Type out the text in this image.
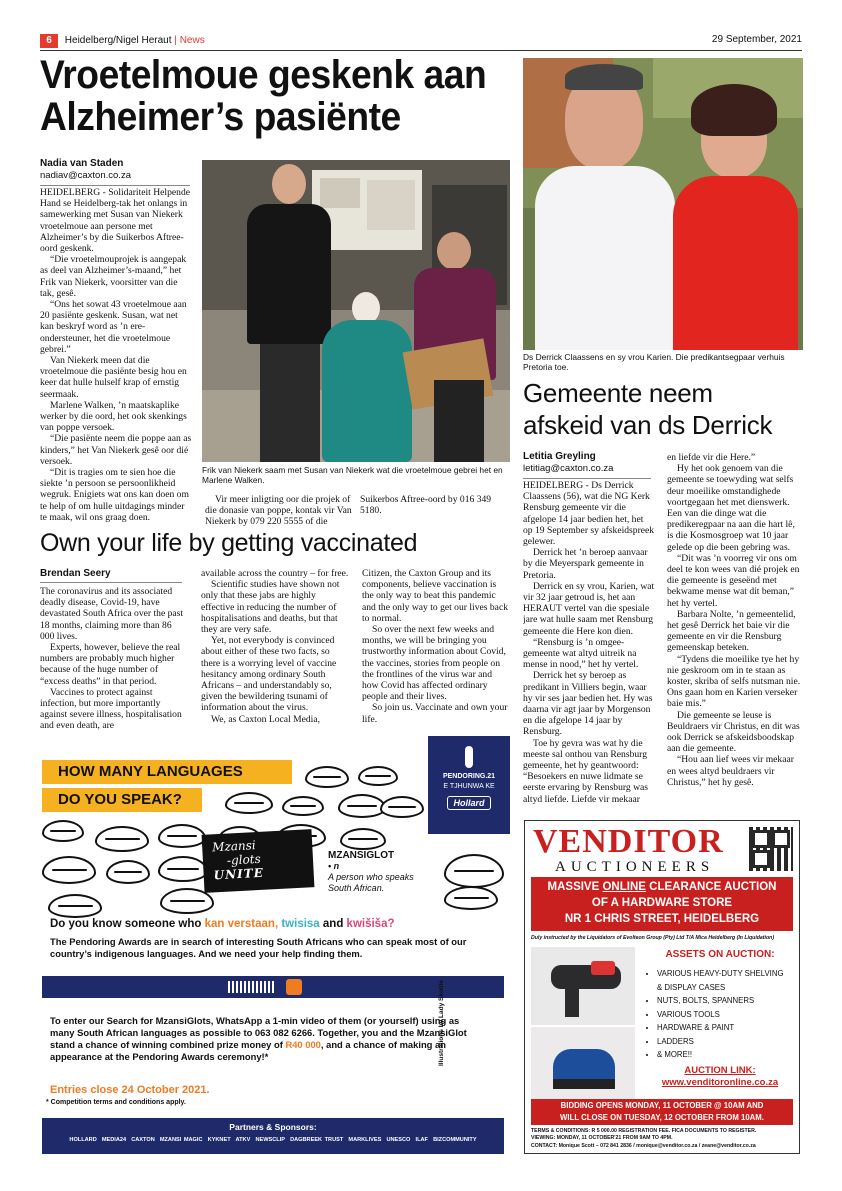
6 Heidelberg/Nigel Heraut | News	29 September, 2021
Vroetelmoue geskenk aan
Alzheimer’s pasiënte
Nadia van Staden
nadiav@caxton.co.za

HEIDELBERG - Solidariteit Helpende Hand se Heidelberg-tak het onlangs in samewerking met Susan van Niekerk vroetelmoue aan persone met Alzheimer’s by die Suikerbos Aftree-oord geskenk.

“Die vroetelmouprojek is aangepak as deel van Alzheimer’s-maand,” het Frik van Niekerk, voorsitter van die tak, gesê.

“Ons het sowat 43 vroetelmoue aan 20 pasiënte geskenk. Susan, wat net kan beskryf word as ’n ere-ondersteuner, het die vroetelmoue gebrei.”

Van Niekerk meen dat die vroetelmoue die pasiënte besig hou en keer dat hulle hulself krap of ernstig seermaak.

Marlene Walken, ’n maatskaplike werker by die oord, het ook skenkings van poppe versoek.

“Die pasiënte neem die poppe aan as kinders,” het Van Niekerk gesê oor dié versoek.

“Dit is tragies om te sien hoe die siekte ’n persoon se persoonlikheid wegruk. Enigiets wat ons kan doen om te help of om hulle uitdagings minder te maak, wil ons graag doen.

Frik van Niekerk saam met Susan van Niekerk wat die vroetelmoue gebrei het en Marlene Walken.

Vir meer inligting oor die projek of die donasie van poppe, kontak vir Van Niekerk by 079 220 5555 of die

Suikerbos Aftree-oord by 016 349 5180.

Own your life by getting vaccinated
Brendan Seery

The coronavirus and its associated deadly disease, Covid-19, have devastated South Africa over the past 18 months, claiming more than 86 000 lives.

Experts, however, believe the real numbers are probably much higher because of the huge number of “excess deaths” in that period.

Vaccines to protect against infection, but more importantly against severe illness, hospitalisation and even death, are

available across the country – for free.

Scientific studies have shown not only that these jabs are highly effective in reducing the number of hospitalisations and deaths, but that they are very safe.

Yet, not everybody is convinced about either of these two facts, so there is a worrying level of vaccine hesitancy among ordinary South Africans – and understandably so, given the bewildering tsunami of information about the virus.

We, as Caxton Local Media,

Citizen, the Caxton Group and its components, believe vaccination is the only way to beat this pandemic and the only way to get our lives back to normal.

So over the next few weeks and months, we will be bringing you trustworthy information about Covid, the vaccines, stories from people on the frontlines of the virus war and how Covid has affected ordinary people and their lives.

So join us. Vaccinate and own your life.

Ds Derrick Claassens en sy vrou Karien. Die predikantsegpaar verhuis Pretoria toe.
Gemeente neem
afskeid van ds Derrick
Letitia Greyling
letitiag@caxton.co.za

HEIDELBERG - Ds Derrick Claassens (56), wat die NG Kerk Rensburg gemeente vir die afgelope 14 jaar bedien het, het op 19 September sy afskeidspreek gelewer.

Derrick het ’n beroep aanvaar by die Meyerspark gemeente in Pretoria.

Derrick en sy vrou, Karien, wat vir 32 jaar getroud is, het aan HERAUT vertel van die spesiale jare wat hulle saam met Rensburg gemeente die Here kon dien.

“Rensburg is ’n omgee-gemeente wat altyd uitreik na mense in nood,” het hy vertel.

Derrick het sy beroep as predikant in Villiers begin, waar hy vir ses jaar bedien het. Hy was daarna vir agt jaar by Morgenson en die afgelope 14 jaar by Rensburg.

Toe hy gevra was wat hy die meeste sal onthou van Rensburg gemeente, het hy geantwoord: “Besoekers en nuwe lidmate se eerste ervaring by Rensburg was altyd liefde. Liefde vir mekaar

en liefde vir die Here.”

Hy het ook genoem van die gemeente se toewyding wat selfs deur moeilike omstandighede voortgegaan het met dienswerk. Een van die dinge wat die predikeregpaar na aan die hart lê, is die Kosmosgroep wat 10 jaar gelede op die been gebring was.

“Dit was ’n voorreg vir ons om deel te kon wees van dié projek en die gemeente is geseënd met bekwame mense wat dit beman,” het hy vertel.

Barbara Nolte, ’n gemeentelid, het gesê Derrick het baie vir die gemeente en vir die Rensburg gemeenskap beteken.

“Tydens die moeilike tye het hy nie geskroom om in te staan as koster, skriba of selfs nutsman nie. Ons gaan hom en Karien verseker baie mis.”

Die gemeente se leuse is Beuldraers vir Christus, en dit was ook Derrick se afskeidsboodskap aan die gemeente.

“Hou aan lief wees vir mekaar en wees altyd beuldraers vir Christus,” het hy gesê.

HOW MANY LANGUAGES
DO YOU SPEAK?
PENDORING.21
E TJHUNWA KE
Hollard
Mzansi
-glots
UNITE
MZANSIGLOT
• n
A person who speaks South African.
Do you know someone who kan verstaan, twisisa and kwišiša?
The Pendoring Awards are in search of interesting South Africans who can speak most of our country’s indigenous languages. And we need your help finding them.
To enter our Search for MzansiGlots, WhatsApp a 1-min video of them (or yourself) using as many South African languages as possible to 063 082 6266. Together, you and the MzansiGlot stand a chance of winning combined prize money of R40 000, and a chance of making an appearance at the Pendoring Awards ceremony!*
Entries close 24 October 2021.
* Competition terms and conditions apply.
Illustrations by Lady Skollie
Partners & Sponsors:
HOLLARD MEDIA24 CAXTON MZANSI MAGIC KYKNET ATKV NEWSCLIP DAGBREEK TRUST MARKLIVES UNESCO ILAF BIZCOMMUNITY
VENDITOR
AUCTIONEERS
MASSIVE ONLINE CLEARANCE AUCTION
OF A HARDWARE STORE
NR 1 CHRIS STREET, HEIDELBERG
Duly instructed by the Liquidators of Evolteon Group (Pty) Ltd T/A Mica Heidelberg (In Liquidation)
ASSETS ON AUCTION:
• VARIOUS HEAVY-DUTY SHELVING
& DISPLAY CASES
• NUTS, BOLTS, SPANNERS
• VARIOUS TOOLS
• HARDWARE & PAINT
• LADDERS
• & MORE!!
AUCTION LINK:
www.venditoronline.co.za
BIDDING OPENS MONDAY, 11 OCTOBER @ 10AM AND
WILL CLOSE ON TUESDAY, 12 OCTOBER FROM 10AM.
TERMS & CONDITIONS: R 5 000.00 REGISTRATION FEE. FICA DOCUMENTS TO REGISTER.
VIEWING: MONDAY, 11 OCTOBER'21 FROM 9AM TO 4PM.
CONTACT: Monique Scott – 072 841 2836 / monique@venditor.co.za / zeane@venditor.co.za
